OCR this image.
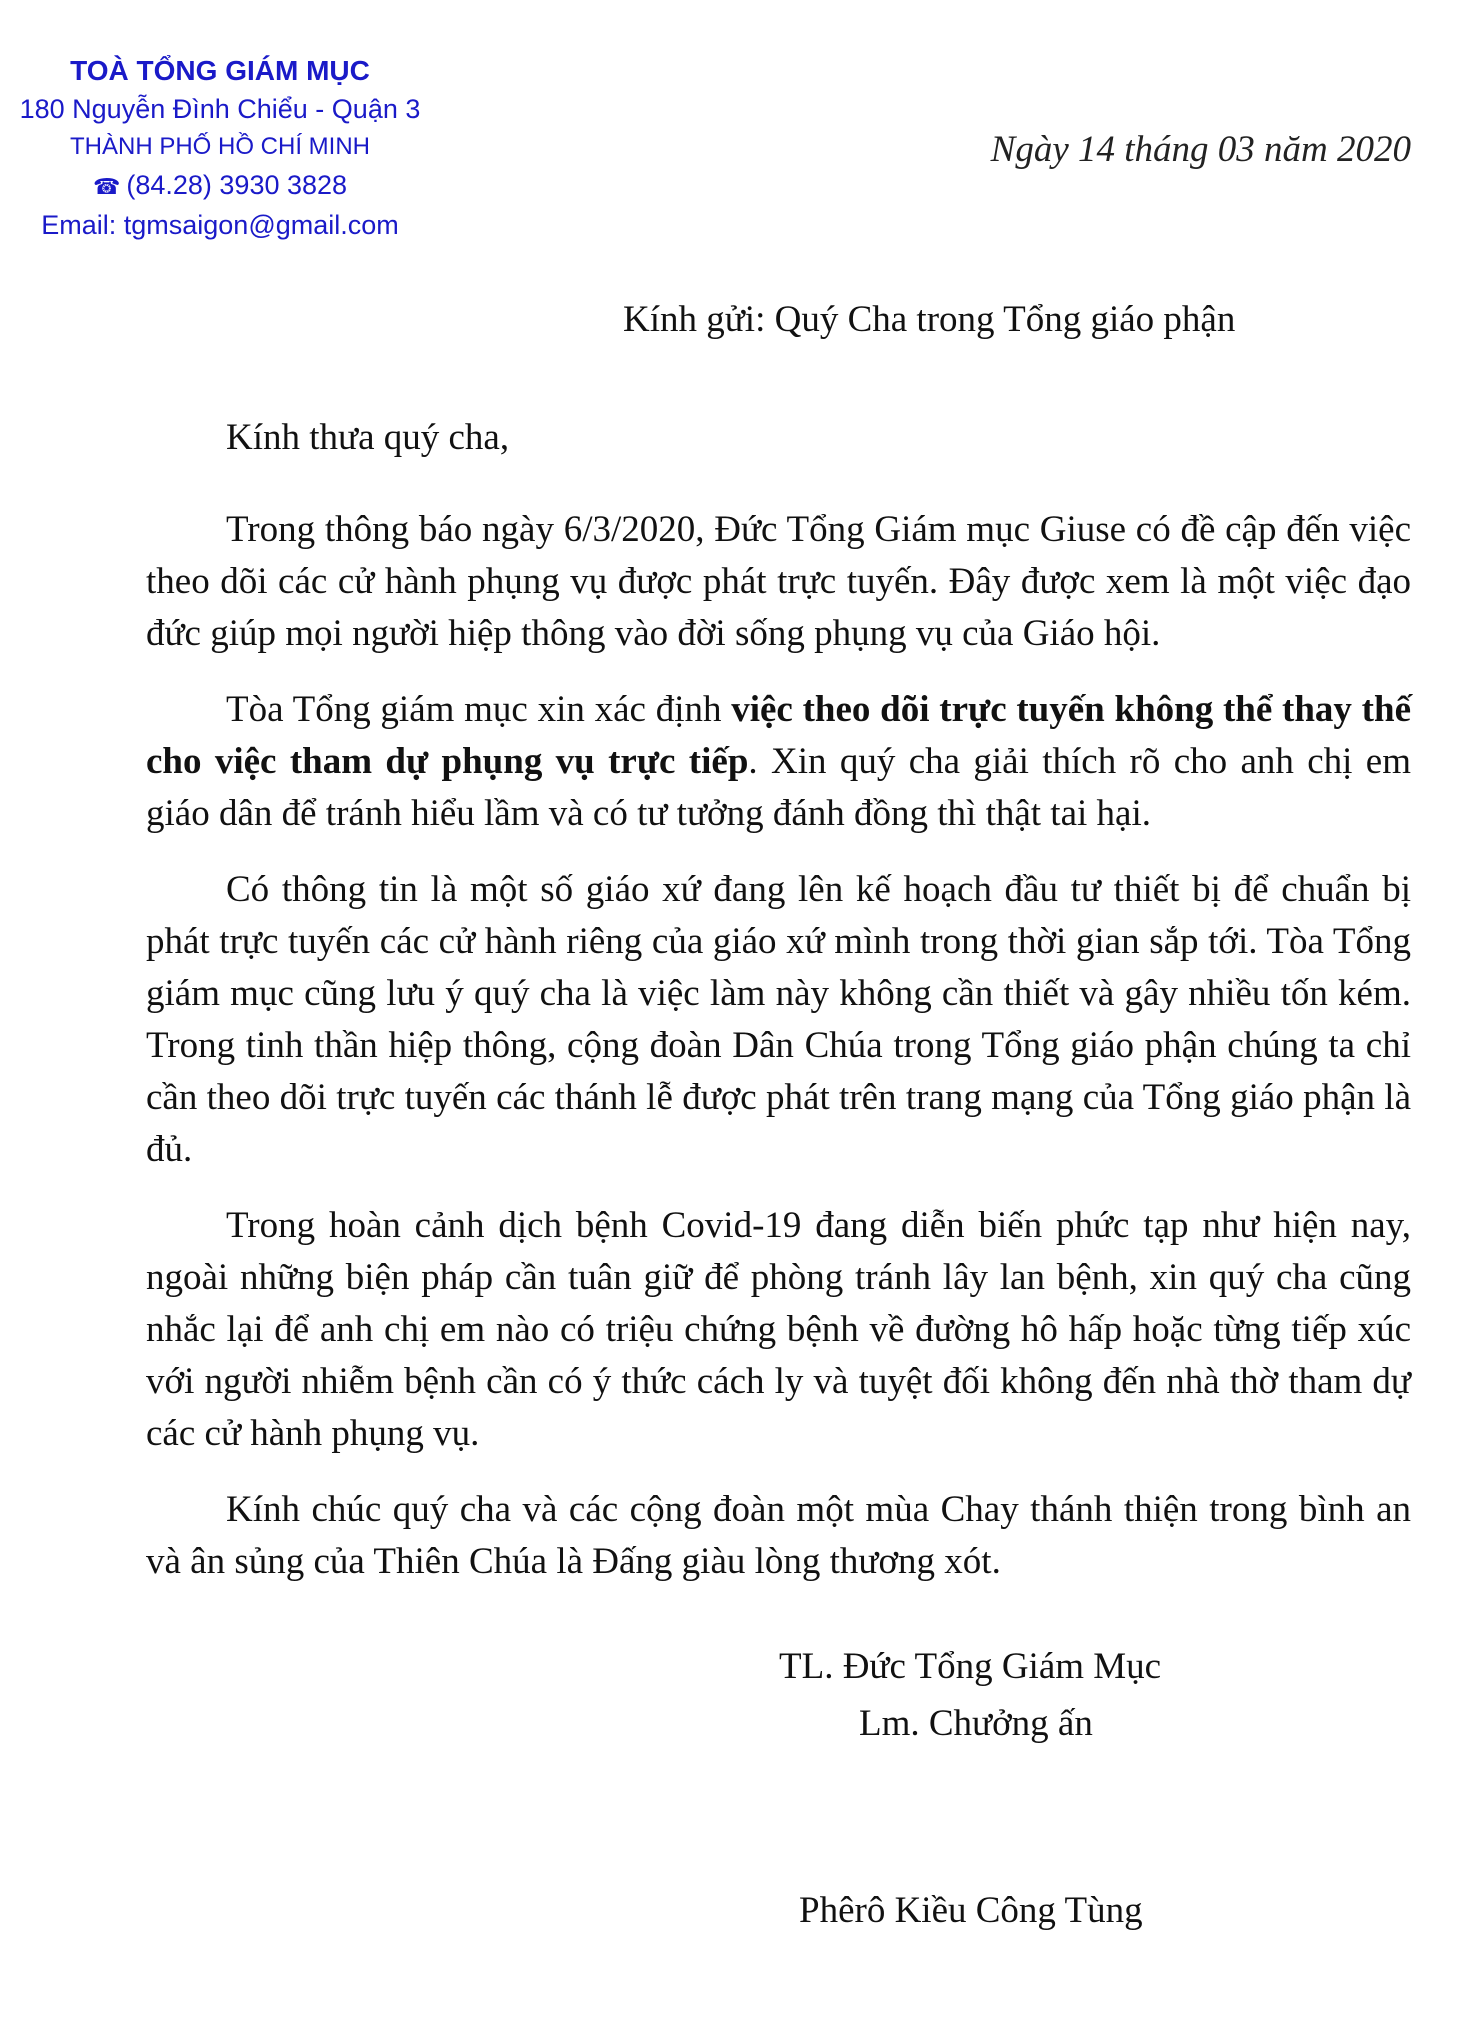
TOÀ TỔNG GIÁM MỤC
180 Nguyễn Đình Chiểu - Quận 3
THÀNH PHỐ HỒ CHÍ MINH
☎ (84.28) 3930 3828
Email: tgmsaigon@gmail.com
Ngày 14 tháng 03 năm 2020
Kính gửi: Quý Cha trong Tổng giáo phận
Kính thưa quý cha,

Trong thông báo ngày 6/3/2020, Đức Tổng Giám mục Giuse có đề cập đến việc theo dõi các cử hành phụng vụ được phát trực tuyến. Đây được xem là một việc đạo đức giúp mọi người hiệp thông vào đời sống phụng vụ của Giáo hội.

Tòa Tổng giám mục xin xác định việc theo dõi trực tuyến không thể thay thế cho việc tham dự phụng vụ trực tiếp. Xin quý cha giải thích rõ cho anh chị em giáo dân để tránh hiểu lầm và có tư tưởng đánh đồng thì thật tai hại.

Có thông tin là một số giáo xứ đang lên kế hoạch đầu tư thiết bị để chuẩn bị phát trực tuyến các cử hành riêng của giáo xứ mình trong thời gian sắp tới. Tòa Tổng giám mục cũng lưu ý quý cha là việc làm này không cần thiết và gây nhiều tốn kém. Trong tinh thần hiệp thông, cộng đoàn Dân Chúa trong Tổng giáo phận chúng ta chỉ cần theo dõi trực tuyến các thánh lễ được phát trên trang mạng của Tổng giáo phận là đủ.

Trong hoàn cảnh dịch bệnh Covid-19 đang diễn biến phức tạp như hiện nay, ngoài những biện pháp cần tuân giữ để phòng tránh lây lan bệnh, xin quý cha cũng nhắc lại để anh chị em nào có triệu chứng bệnh về đường hô hấp hoặc từng tiếp xúc với người nhiễm bệnh cần có ý thức cách ly và tuyệt đối không đến nhà thờ tham dự các cử hành phụng vụ.

Kính chúc quý cha và các cộng đoàn một mùa Chay thánh thiện trong bình an và ân sủng của Thiên Chúa là Đấng giàu lòng thương xót.

TL. Đức Tổng Giám Mục
Lm. Chưởng ấn
Phêrô Kiều Công Tùng
